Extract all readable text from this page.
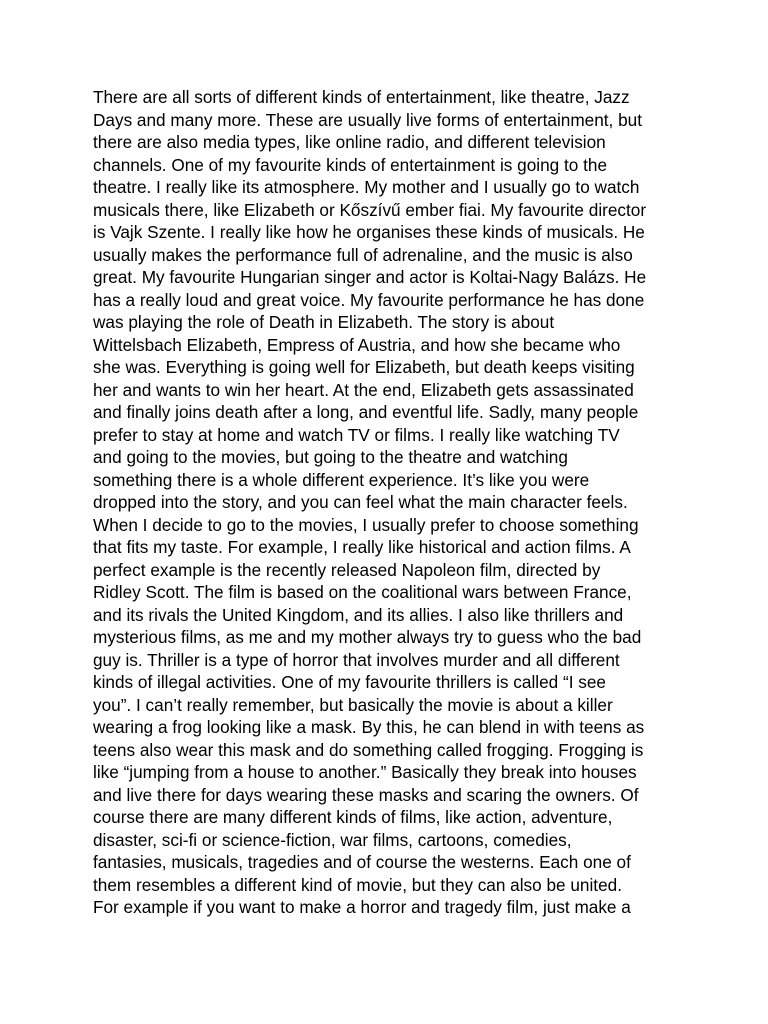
There are all sorts of different kinds of entertainment, like theatre, Jazz
Days and many more. These are usually live forms of entertainment, but
there are also media types, like online radio, and different television
channels. One of my favourite kinds of entertainment is going to the
theatre. I really like its atmosphere. My mother and I usually go to watch
musicals there, like Elizabeth or Kőszívű ember fiai. My favourite director
is Vajk Szente. I really like how he organises these kinds of musicals. He
usually makes the performance full of adrenaline, and the music is also
great. My favourite Hungarian singer and actor is Koltai-Nagy Balázs. He
has a really loud and great voice. My favourite performance he has done
was playing the role of Death in Elizabeth. The story is about
Wittelsbach Elizabeth, Empress of Austria, and how she became who
she was. Everything is going well for Elizabeth, but death keeps visiting
her and wants to win her heart. At the end, Elizabeth gets assassinated
and finally joins death after a long, and eventful life. Sadly, many people
prefer to stay at home and watch TV or films. I really like watching TV
and going to the movies, but going to the theatre and watching
something there is a whole different experience. It’s like you were
dropped into the story, and you can feel what the main character feels.
When I decide to go to the movies, I usually prefer to choose something
that fits my taste. For example, I really like historical and action films. A
perfect example is the recently released Napoleon film, directed by
Ridley Scott. The film is based on the coalitional wars between France,
and its rivals the United Kingdom, and its allies. I also like thrillers and
mysterious films, as me and my mother always try to guess who the bad
guy is. Thriller is a type of horror that involves murder and all different
kinds of illegal activities. One of my favourite thrillers is called “I see
you”. I can’t really remember, but basically the movie is about a killer
wearing a frog looking like a mask. By this, he can blend in with teens as
teens also wear this mask and do something called frogging. Frogging is
like “jumping from a house to another.” Basically they break into houses
and live there for days wearing these masks and scaring the owners. Of
course there are many different kinds of films, like action, adventure,
disaster, sci-fi or science-fiction, war films, cartoons, comedies,
fantasies, musicals, tragedies and of course the westerns. Each one of
them resembles a different kind of movie, but they can also be united.
For example if you want to make a horror and tragedy film, just make a
